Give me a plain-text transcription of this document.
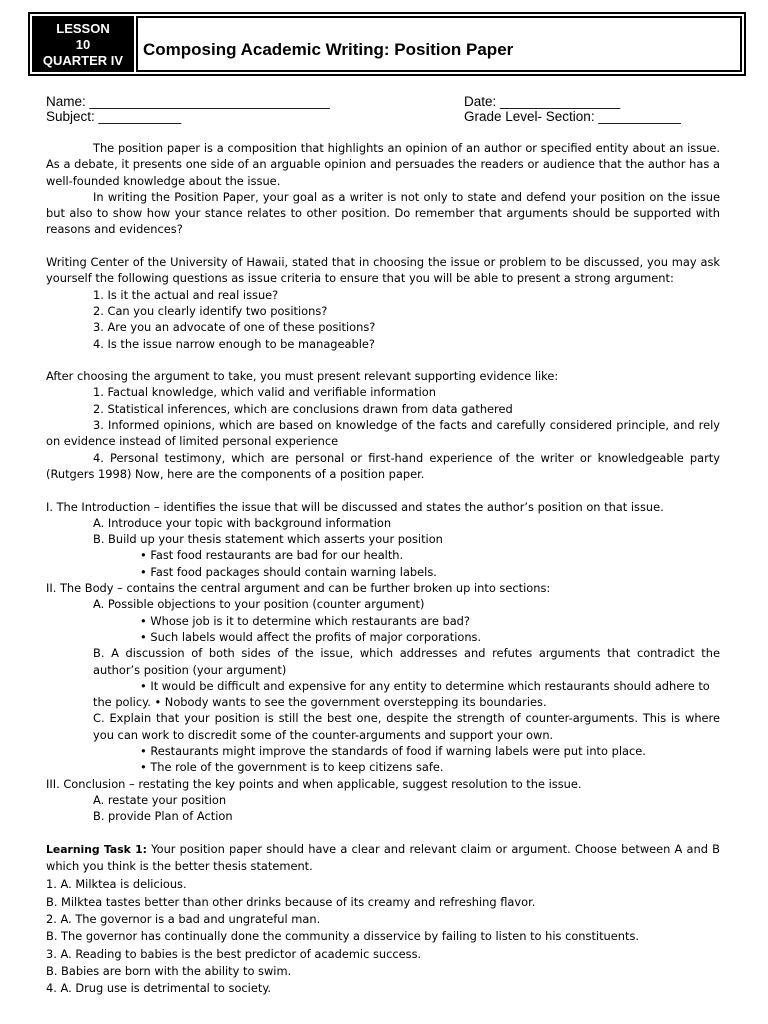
LESSON
10
QUARTER IV
Composing Academic Writing: Position Paper
Name: ________________________________	Date: ________________
Subject: ___________	Grade Level- Section: ___________

The position paper is a composition that highlights an opinion of an author or specified entity about an issue. As a debate, it presents one side of an arguable opinion and persuades the readers or audience that the author has a well-founded knowledge about the issue.

In writing the Position Paper, your goal as a writer is not only to state and defend your position on the issue but also to show how your stance relates to other position. Do remember that arguments should be supported with reasons and evidences?

Writing Center of the University of Hawaii, stated that in choosing the issue or problem to be discussed, you may ask yourself the following questions as issue criteria to ensure that you will be able to present a strong argument:

1. Is it the actual and real issue?

2. Can you clearly identify two positions?

3. Are you an advocate of one of these positions?

4. Is the issue narrow enough to be manageable?

After choosing the argument to take, you must present relevant supporting evidence like:

1. Factual knowledge, which valid and verifiable information

2. Statistical inferences, which are conclusions drawn from data gathered

3. Informed opinions, which are based on knowledge of the facts and carefully considered principle, and rely on evidence instead of limited personal experience

4. Personal testimony, which are personal or first-hand experience of the writer or knowledgeable party (Rutgers 1998) Now, here are the components of a position paper.

I. The Introduction – identifies the issue that will be discussed and states the author’s position on that issue.

A. Introduce your topic with background information

B. Build up your thesis statement which asserts your position

• Fast food restaurants are bad for our health.

• Fast food packages should contain warning labels.

II. The Body – contains the central argument and can be further broken up into sections:

A. Possible objections to your position (counter argument)

• Whose job is it to determine which restaurants are bad?

• Such labels would affect the profits of major corporations.

B. A discussion of both sides of the issue, which addresses and refutes arguments that contradict the author’s position (your argument)

• It would be difficult and expensive for any entity to determine which restaurants should adhere to

the policy. • Nobody wants to see the government overstepping its boundaries.

C. Explain that your position is still the best one, despite the strength of counter-arguments. This is where you can work to discredit some of the counter-arguments and support your own.

• Restaurants might improve the standards of food if warning labels were put into place.

• The role of the government is to keep citizens safe.

III. Conclusion – restating the key points and when applicable, suggest resolution to the issue.

A. restate your position

B. provide Plan of Action

Learning Task 1: Your position paper should have a clear and relevant claim or argument. Choose between A and B which you think is the better thesis statement.

1. A. Milktea is delicious.

B. Milktea tastes better than other drinks because of its creamy and refreshing flavor.

2. A. The governor is a bad and ungrateful man.

B. The governor has continually done the community a disservice by failing to listen to his constituents.

3. A. Reading to babies is the best predictor of academic success.

B. Babies are born with the ability to swim.

4. A. Drug use is detrimental to society.
